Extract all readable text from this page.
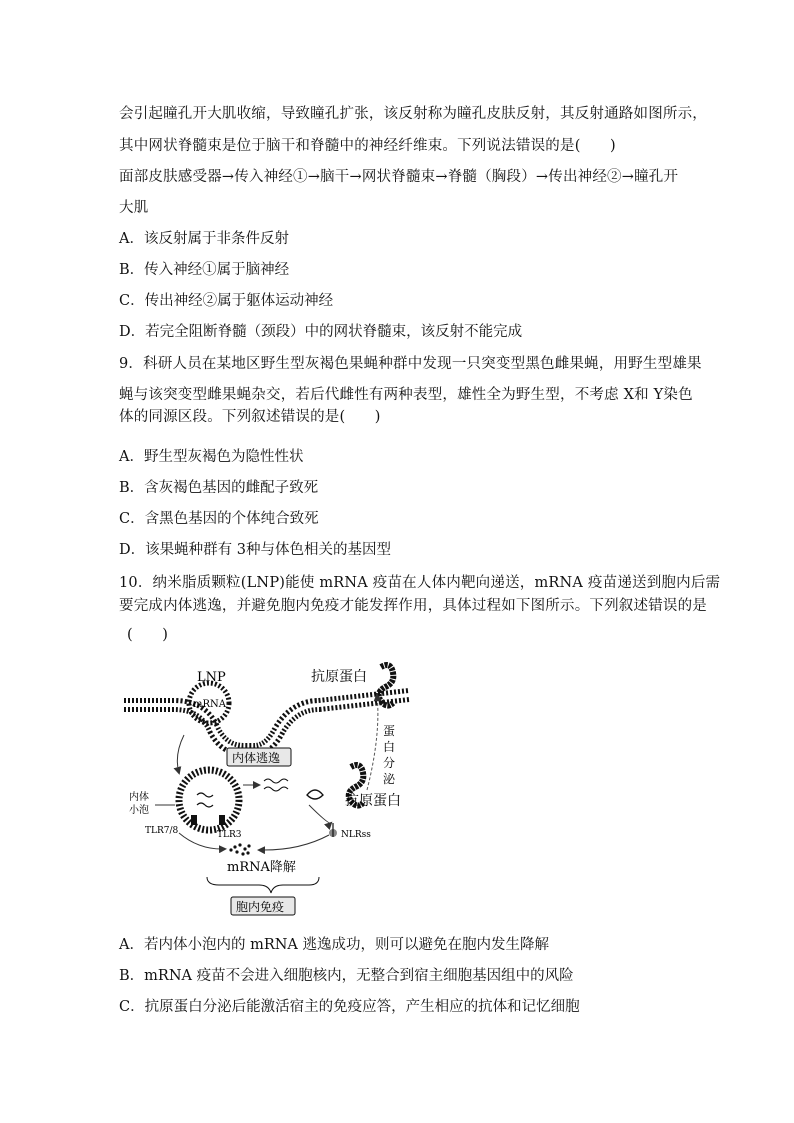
会引起瞳孔开大肌收缩，导致瞳孔扩张，该反射称为瞳孔皮肤反射，其反射通路如图所示，
其中网状脊髓束是位于脑干和脊髓中的神经纤维束。下列说法错误的是(　　)
面部皮肤感受器→传入神经①→脑干→网状脊髓束→脊髓（胸段）→传出神经②→瞳孔开
大肌
A．该反射属于非条件反射
B．传入神经①属于脑神经
C．传出神经②属于躯体运动神经
D．若完全阻断脊髓（颈段）中的网状脊髓束，该反射不能完成
9．科研人员在某地区野生型灰褐色果蝇种群中发现一只突变型黑色雌果蝇，用野生型雄果
蝇与该突变型雌果蝇杂交，若后代雌性有两种表型，雄性全为野生型，不考虑 X和 Y染色
体的同源区段。下列叙述错误的是(　　)
A．野生型灰褐色为隐性性状
B．含灰褐色基因的雌配子致死
C．含黑色基因的个体纯合致死
D．该果蝇种群有 3种与体色相关的基因型
10．纳米脂质颗粒(LNP)能使 mRNA 疫苗在人体内靶向递送，mRNA 疫苗递送到胞内后需
要完成内体逃逸，并避免胞内免疫才能发挥作用，具体过程如下图所示。下列叙述错误的是
(　　)
LNP
mRNA
抗原蛋白
蛋
白
分
泌
内体逃逸
内体
小泡
抗原蛋白
NLRss
TLR7/8	TLR3
mRNA降解
胞内免疫
A．若内体小泡内的 mRNA 逃逸成功，则可以避免在胞内发生降解
B．mRNA 疫苗不会进入细胞核内，无整合到宿主细胞基因组中的风险
C．抗原蛋白分泌后能激活宿主的免疫应答，产生相应的抗体和记忆细胞
